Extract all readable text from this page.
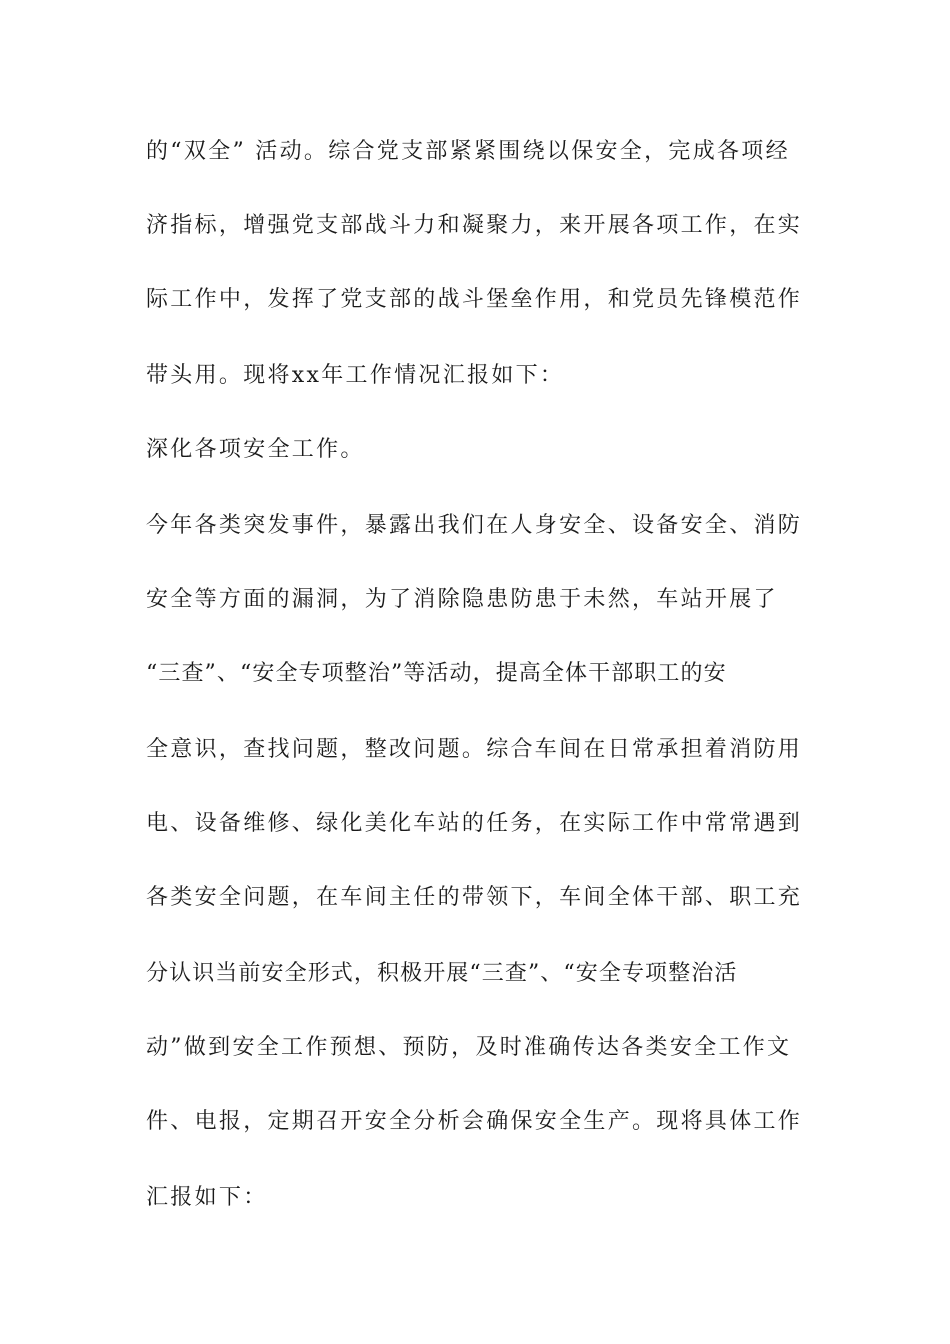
的“双全” 活动。综合党支部紧紧围绕以保安全，完成各项经
济指标，增强党支部战斗力和凝聚力，来开展各项工作，在实
际工作中，发挥了党支部的战斗堡垒作用，和党员先锋模范作
带头用。现将xx年工作情况汇报如下：
深化各项安全工作。
今年各类突发事件，暴露出我们在人身安全、设备安全、消防
安全等方面的漏洞，为了消除隐患防患于未然，车站开展了
“三查”、“安全专项整治”等活动，提高全体干部职工的安
全意识，查找问题，整改问题。综合车间在日常承担着消防用
电、设备维修、绿化美化车站的任务，在实际工作中常常遇到
各类安全问题，在车间主任的带领下，车间全体干部、职工充
分认识当前安全形式，积极开展“三查”、“安全专项整治活
动”做到安全工作预想、预防，及时准确传达各类安全工作文
件、电报，定期召开安全分析会确保安全生产。现将具体工作
汇报如下：
